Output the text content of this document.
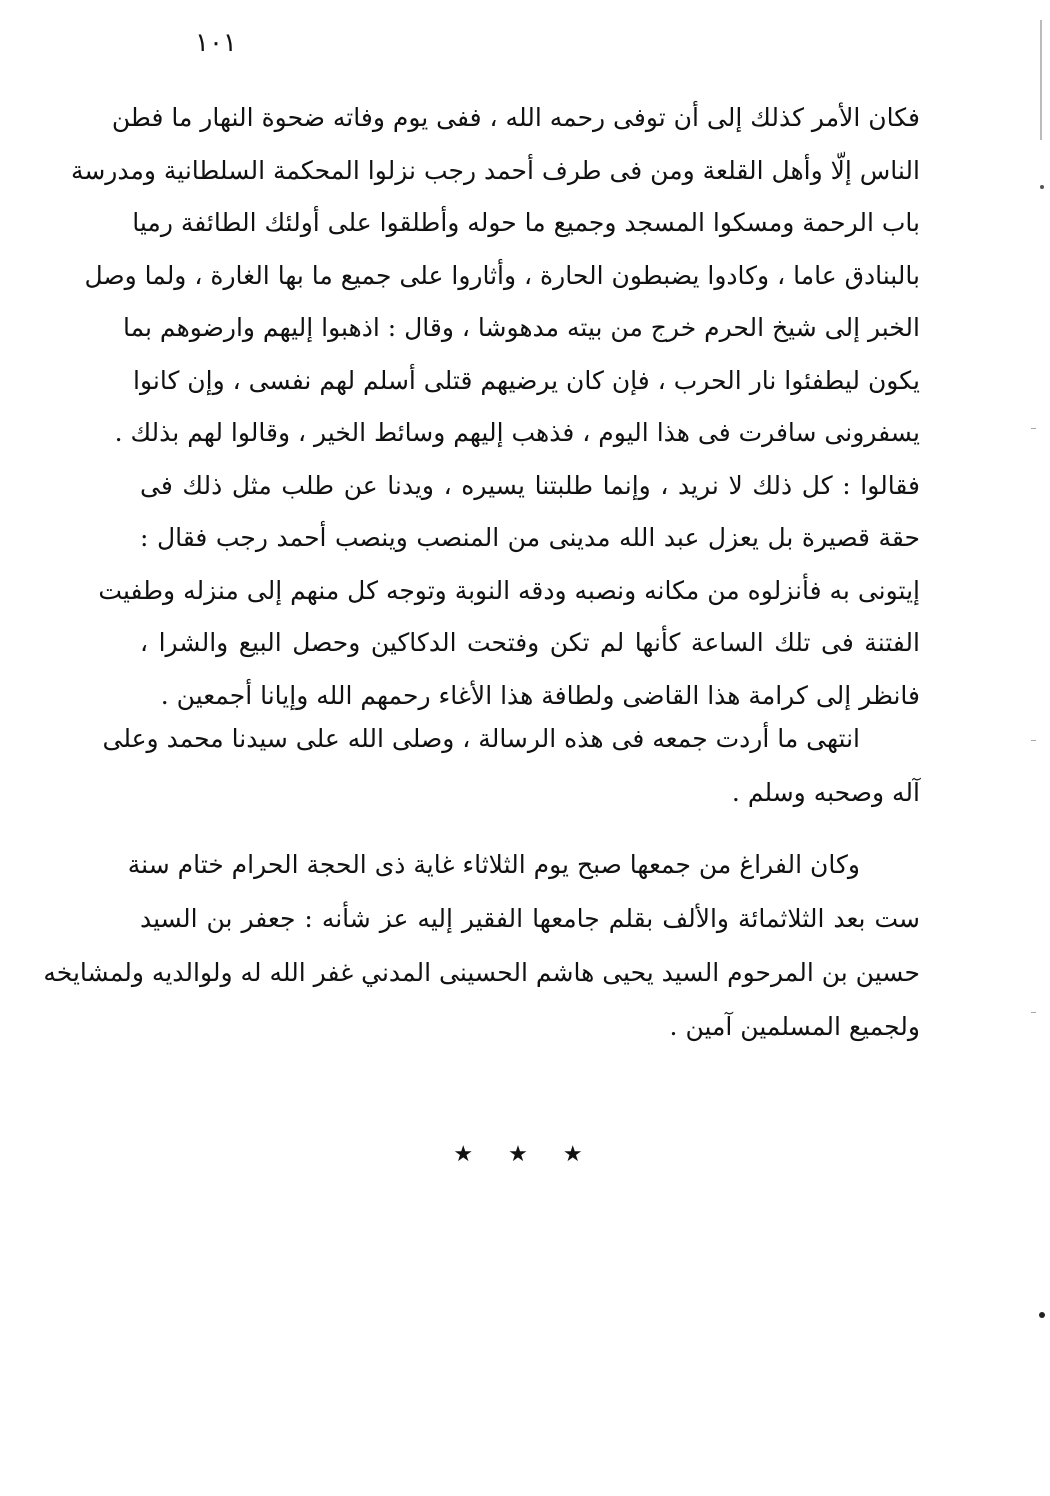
١٠١
فكان الأمر كذلك إلى أن توفى رحمه الله ، ففى يوم وفاته ضحوة النهار ما فطن
الناس إلّا وأهل القلعة ومن فى طرف أحمد رجب نزلوا المحكمة السلطانية ومدرسة
باب الرحمة ومسكوا المسجد وجميع ما حوله وأطلقوا على أولئك الطائفة رميا
بالبنادق عاما ، وكادوا يضبطون الحارة ، وأثاروا على جميع ما بها الغارة ، ولما وصل
الخبر إلى شيخ الحرم خرج من بيته مدهوشا ، وقال : اذهبوا إليهم وارضوهم بما
يكون ليطفئوا نار الحرب ، فإن كان يرضيهم قتلى أسلم لهم نفسى ، وإن كانوا
يسفرونى سافرت فى هذا اليوم ، فذهب إليهم وسائط الخير ، وقالوا لهم بذلك .
فقالوا : كل ذلك لا نريد ، وإنما طلبتنا يسيره ، ويدنا عن طلب مثل ذلك فى
حقة قصيرة بل يعزل عبد الله مدينى من المنصب وينصب أحمد رجب فقال :
إيتونى به فأنزلوه من مكانه ونصبه ودقه النوبة وتوجه كل منهم إلى منزله وطفيت
الفتنة فى تلك الساعة كأنها لم تكن وفتحت الدكاكين وحصل البيع والشرا ،
فانظر إلى كرامة هذا القاضى ولطافة هذا الأغاء رحمهم الله وإيانا أجمعين .
انتهى ما أردت جمعه فى هذه الرسالة ، وصلى الله على سيدنا محمد وعلى
آله وصحبه وسلم .
وكان الفراغ من جمعها صبح يوم الثلاثاء غاية ذى الحجة الحرام ختام سنة
ست بعد الثلاثمائة والألف بقلم جامعها الفقير إليه عز شأنه : جعفر بن السيد
حسين بن المرحوم السيد يحيى هاشم الحسينى المدني غفر الله له ولوالديه ولمشايخه
ولجميع المسلمين آمين .
★ ★ ★
